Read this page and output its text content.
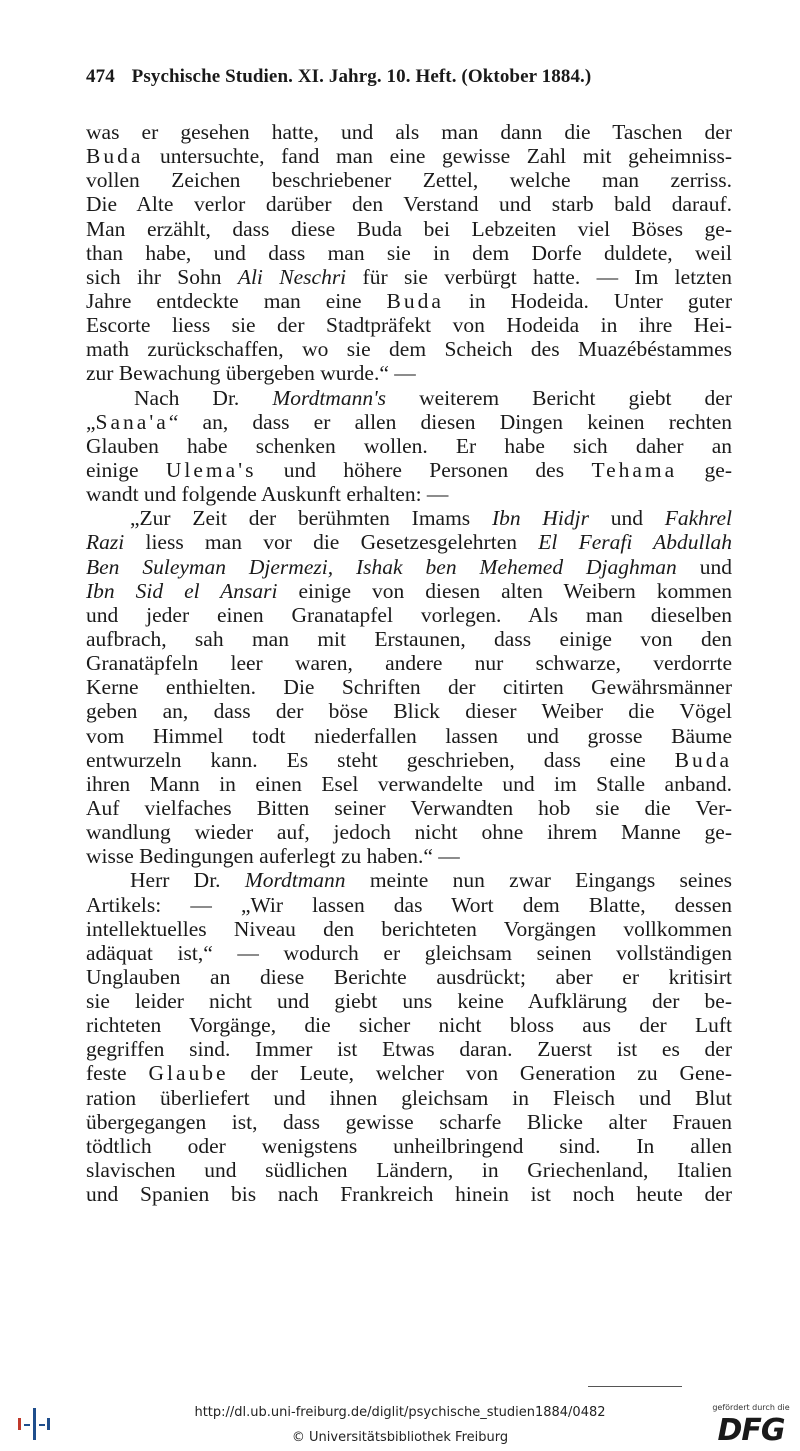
474 Psychische Studien. XI. Jahrg. 10. Heft. (Oktober 1884.)
was er gesehen hatte, und als man dann die Taschen der
Buda untersuchte, fand man eine gewisse Zahl mit geheimniss-
vollen Zeichen beschriebener Zettel, welche man zerriss.
Die Alte verlor darüber den Verstand und starb bald darauf.
Man erzählt, dass diese Buda bei Lebzeiten viel Böses ge-
than habe, und dass man sie in dem Dorfe duldete, weil
sich ihr Sohn Ali Neschri für sie verbürgt hatte. — Im letzten
Jahre entdeckte man eine Buda in Hodeida. Unter guter
Escorte liess sie der Stadtpräfekt von Hodeida in ihre Hei-
math zurückschaffen, wo sie dem Scheich des Muazébéstammes
zur Bewachung übergeben wurde.“ —
Nach Dr. Mordtmann's weiterem Bericht giebt der
„Sana'a“ an, dass er allen diesen Dingen keinen rechten
Glauben habe schenken wollen. Er habe sich daher an
einige Ulema's und höhere Personen des Tehama ge-
wandt und folgende Auskunft erhalten: —
„Zur Zeit der berühmten Imams Ibn Hidjr und Fakhrel
Razi liess man vor die Gesetzesgelehrten El Ferafi Abdullah
Ben Suleyman Djermezi, Ishak ben Mehemed Djaghman und
Ibn Sid el Ansari einige von diesen alten Weibern kommen
und jeder einen Granatapfel vorlegen. Als man dieselben
aufbrach, sah man mit Erstaunen, dass einige von den
Granatäpfeln leer waren, andere nur schwarze, verdorrte
Kerne enthielten. Die Schriften der citirten Gewährsmänner
geben an, dass der böse Blick dieser Weiber die Vögel
vom Himmel todt niederfallen lassen und grosse Bäume
entwurzeln kann. Es steht geschrieben, dass eine Buda
ihren Mann in einen Esel verwandelte und im Stalle anband.
Auf vielfaches Bitten seiner Verwandten hob sie die Ver-
wandlung wieder auf, jedoch nicht ohne ihrem Manne ge-
wisse Bedingungen auferlegt zu haben.“ —
Herr Dr. Mordtmann meinte nun zwar Eingangs seines
Artikels: — „Wir lassen das Wort dem Blatte, dessen
intellektuelles Niveau den berichteten Vorgängen vollkommen
adäquat ist,“ — wodurch er gleichsam seinen vollständigen
Unglauben an diese Berichte ausdrückt; aber er kritisirt
sie leider nicht und giebt uns keine Aufklärung der be-
richteten Vorgänge, die sicher nicht bloss aus der Luft
gegriffen sind. Immer ist Etwas daran. Zuerst ist es der
feste Glaube der Leute, welcher von Generation zu Gene-
ration überliefert und ihnen gleichsam in Fleisch und Blut
übergegangen ist, dass gewisse scharfe Blicke alter Frauen
tödtlich oder wenigstens unheilbringend sind. In allen
slavischen und südlichen Ländern, in Griechenland, Italien
und Spanien bis nach Frankreich hinein ist noch heute der
http://dl.ub.uni-freiburg.de/diglit/psychische_studien1884/0482
© Universitätsbibliothek Freiburg
gefördert durch die
DFG
